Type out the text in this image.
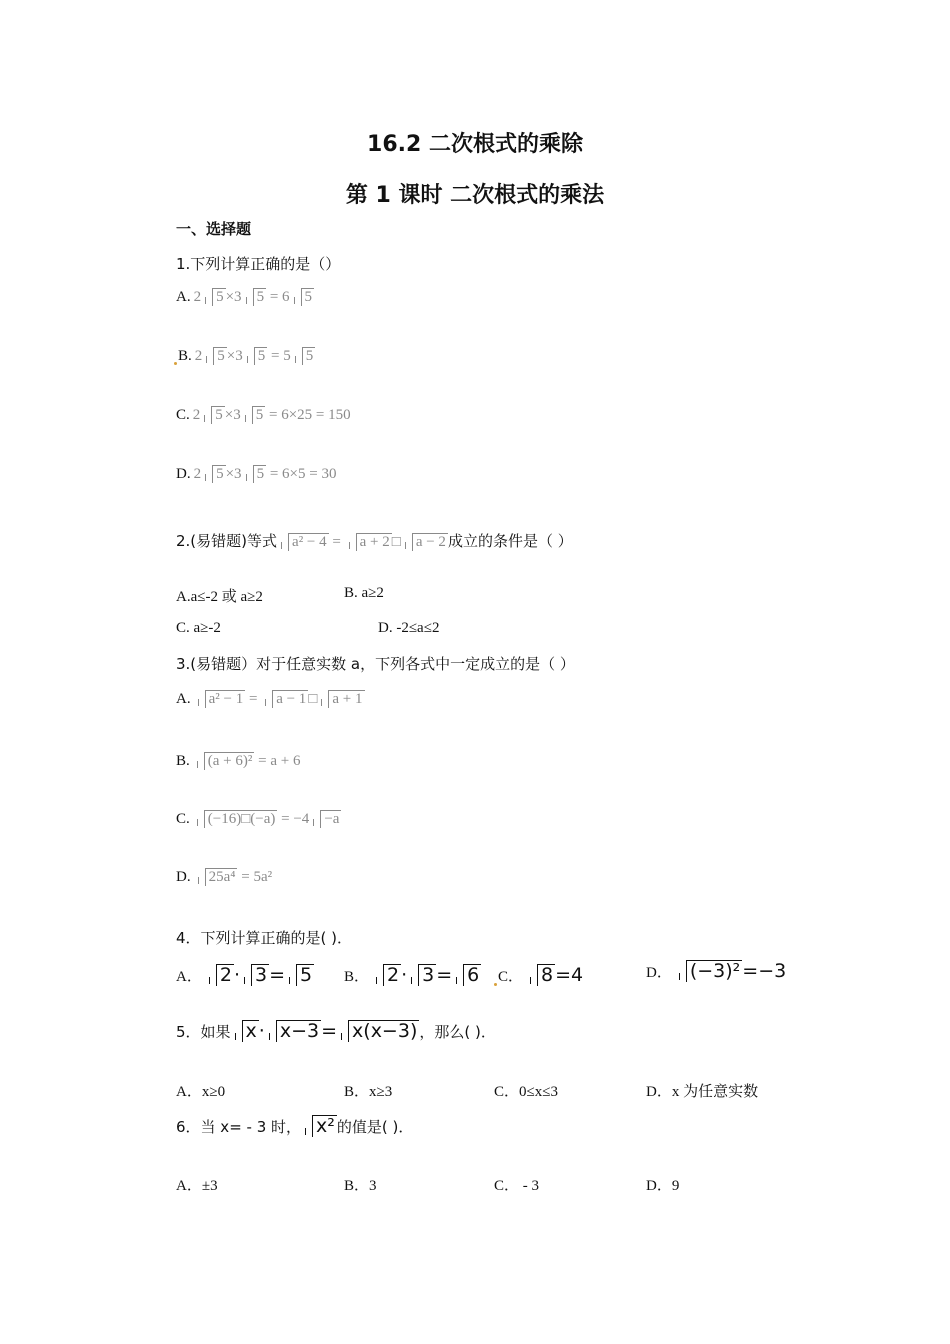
16.2 二次根式的乘除
第 1 课时 二次根式的乘法
一、选择题
1.下列计算正确的是（）
A. 2 5 ×3 5 = 6 5
B. 2 5 ×3 5 = 5 5
C. 2 5 ×3 5 = 6×25 = 150
D. 2 5 ×3 5 = 6×5 = 30
2.(易错题)等式 a² − 4 = a + 2 □ a − 2 成立的条件是（ ）
A.a≤-2 或 a≥2	B. a≥2
C. a≥-2	D. -2≤a≤2
3.(易错题）对于任意实数 a，下列各式中一定成立的是（ ）
A. a² − 1 = a − 1 □ a + 1
B. (a + 6)² = a + 6
C. (−16)□(−a) = −4 −a
D. 25a⁴ = 5a²
4．下列计算正确的是( )．
A． 2 · 3 = 5 B． 2 · 3 = 6 C． 8 =4	D． (−3)² =−3
5．如果 x · x−3 = x(x−3) ，那么( )．
A．x≥0	B．x≥3	C．0≤x≤3	D．x 为任意实数
6．当 x= - 3 时， x² 的值是( )．
A．±3	B．3	C． - 3	D．9
